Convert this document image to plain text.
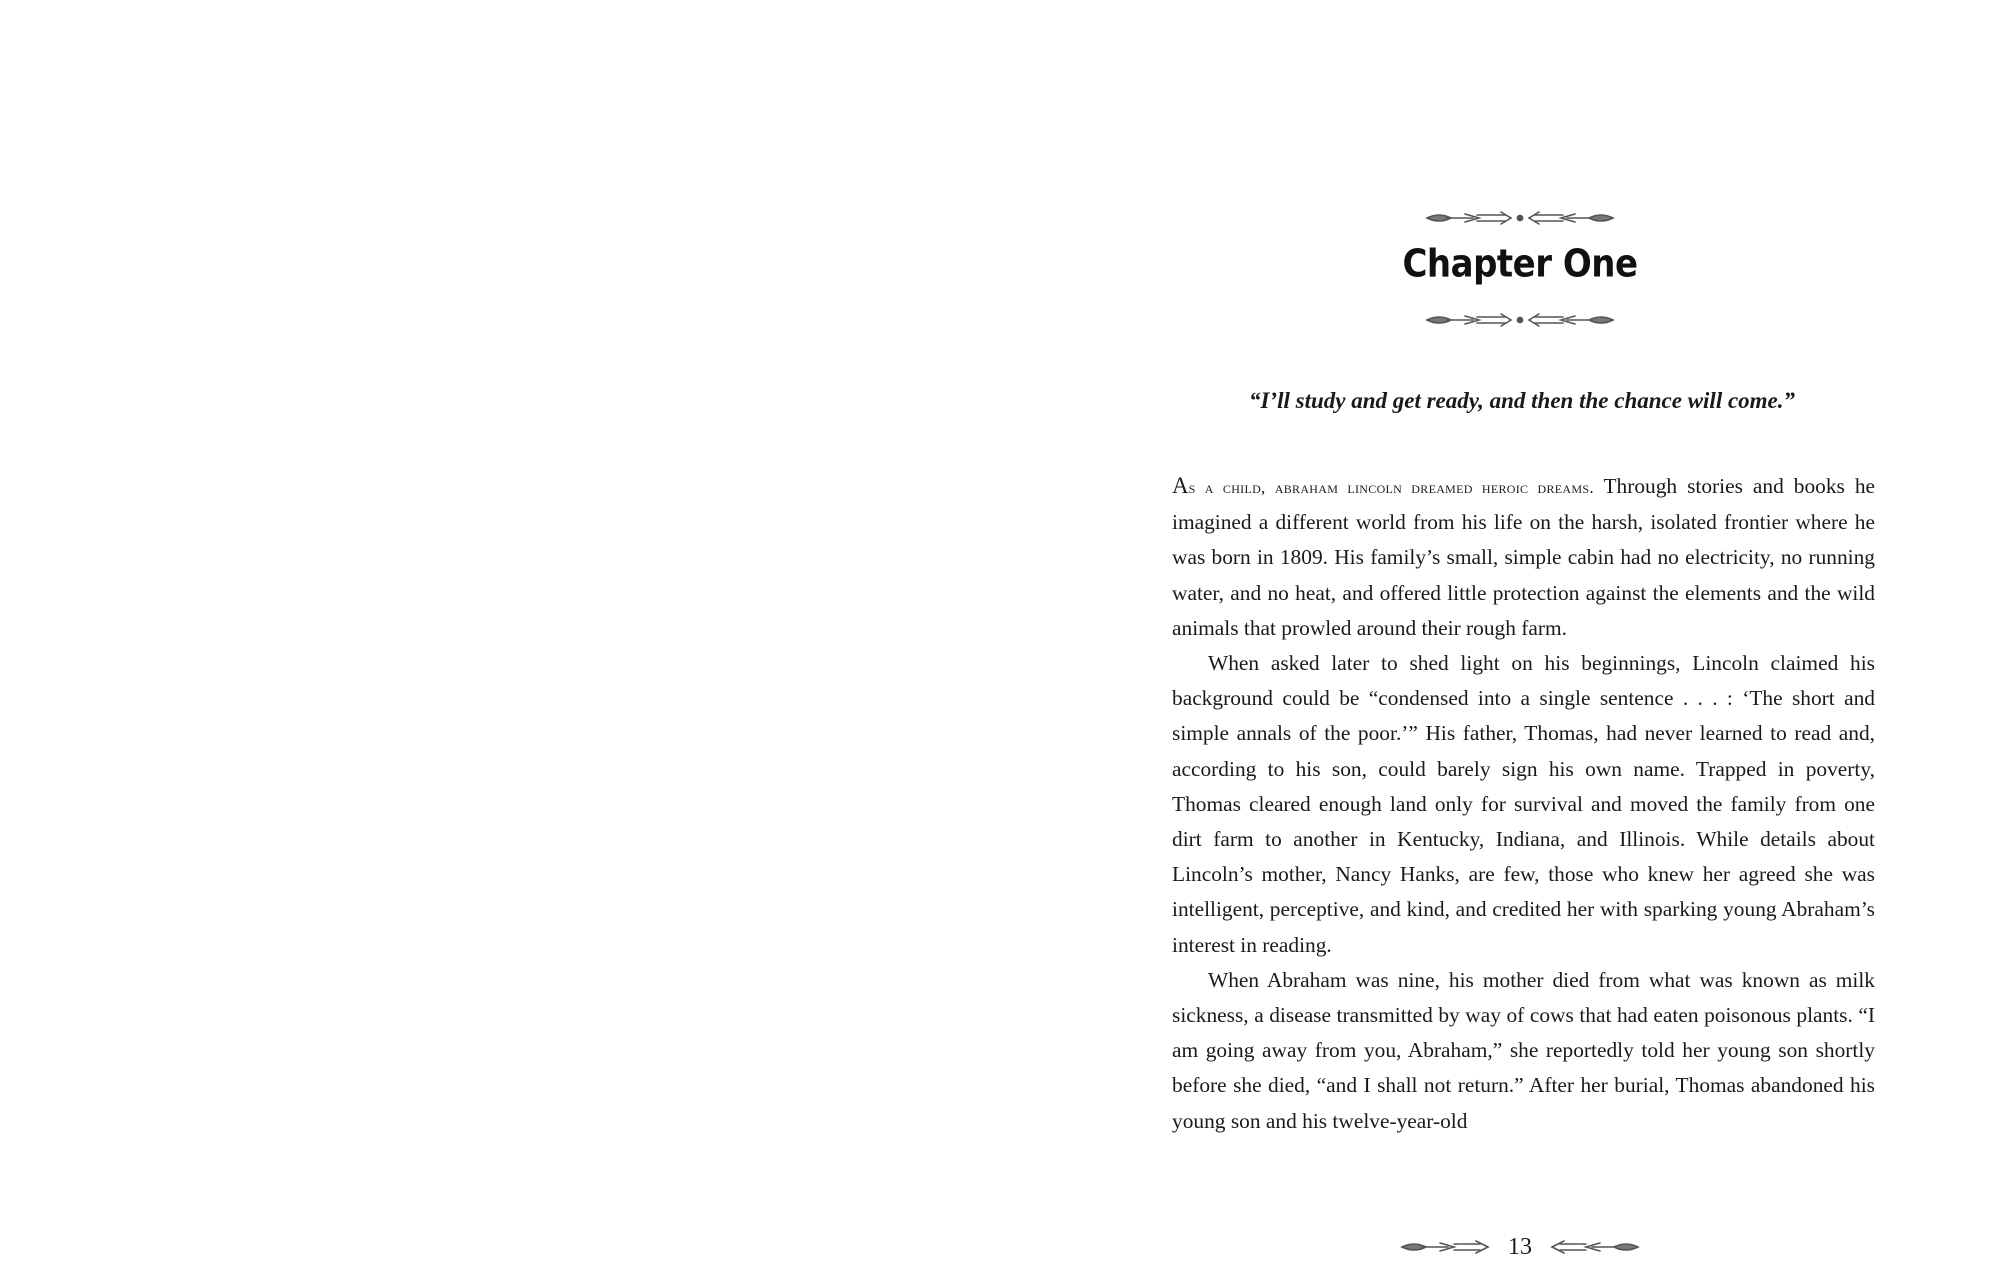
Chapter One
“I’ll study and get ready, and then the chance will come.”

As a child, abraham lincoln dreamed heroic dreams. Through stories and books he imagined a different world from his life on the harsh, isolated frontier where he was born in 1809. His family’s small, simple cabin had no electricity, no running water, and no heat, and offered little protection against the elements and the wild animals that prowled around their rough farm.

When asked later to shed light on his beginnings, Lincoln claimed his background could be “condensed into a single sentence . . . : ‘The short and simple annals of the poor.’” His father, Thomas, had never learned to read and, according to his son, could barely sign his own name. Trapped in poverty, Thomas cleared enough land only for survival and moved the family from one dirt farm to another in Kentucky, Indiana, and Illinois. While details about Lincoln’s mother, Nancy Hanks, are few, those who knew her agreed she was intelligent, perceptive, and kind, and credited her with sparking young Abraham’s interest in reading.

When Abraham was nine, his mother died from what was known as milk sickness, a disease transmitted by way of cows that had eaten poisonous plants. “I am going away from you, Abraham,” she reportedly told her young son shortly before she died, “and I shall not return.” After her burial, Thomas abandoned his young son and his twelve-year-old

13
